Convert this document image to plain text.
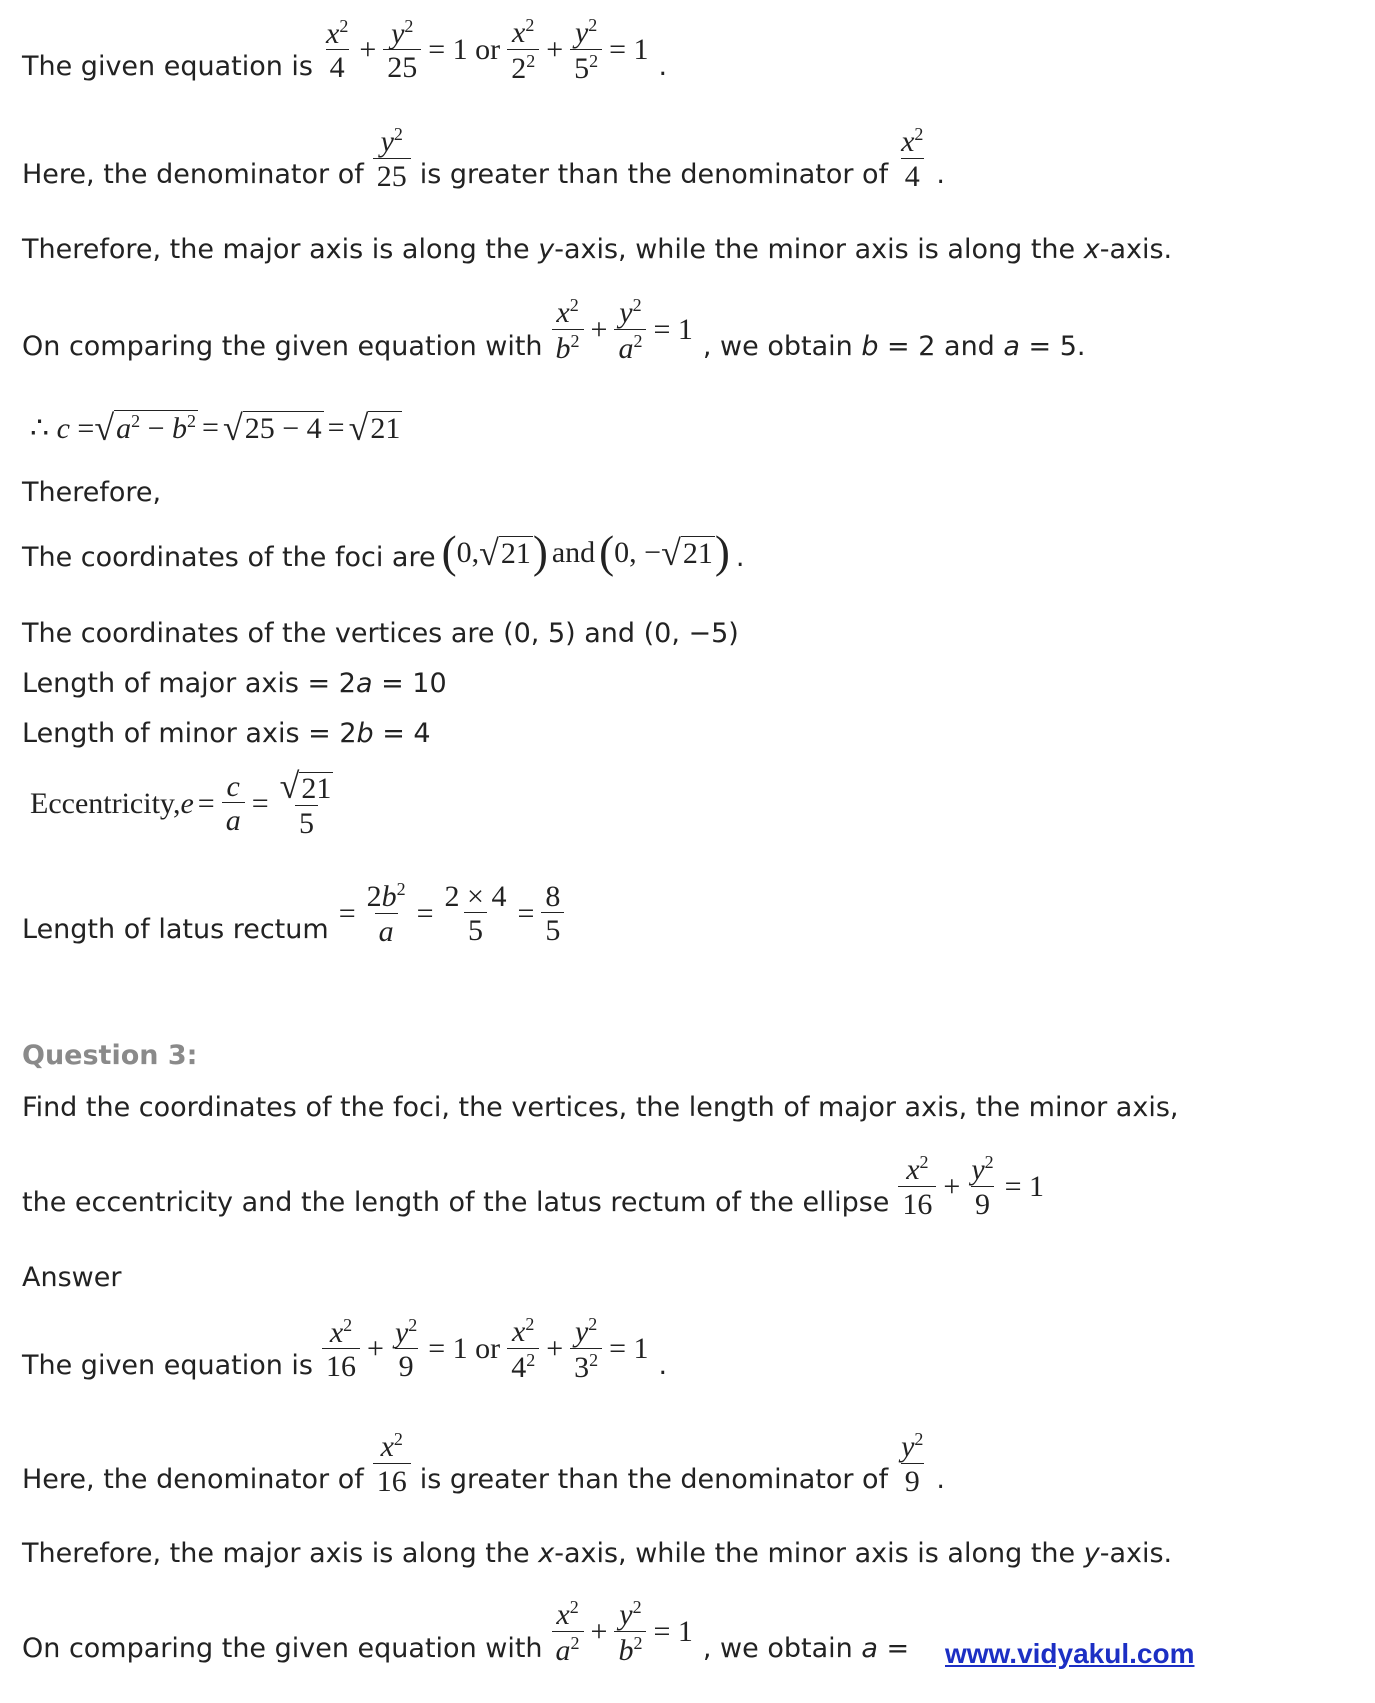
The given equation is $\frac{x^2}{4} + \frac{y^2}{25} = 1$ or $\frac{x^2}{2^2} + \frac{y^2}{5^2} = 1$
.
Here, the denominator of $\frac{y^2}{25}$ is greater than the denominator of $\frac{x^2}{4}$ .
Therefore, the major axis is along the y-axis, while the minor axis is along the x-axis.
On comparing the given equation with $\frac{x^2}{b^2} + \frac{y^2}{a^2} = 1$
, we obtain b = 2 and a = 5.
∴ c = √ $a^2 - b^2$ = √ 25 − 4 = √ 21
Therefore,
The coordinates of the foci are ( 0, √ 21 ) and ( 0, − √ 21 ) .
The coordinates of the vertices are (0, 5) and (0, −5)
Length of major axis = 2a = 10
Length of minor axis = 2b = 4
Eccentricity, $e = \frac{c}{a} = \frac{√ 21}{5}$
Length of latus rectum = $\frac{2b^2}{a} = \frac{2 \times 4}{5} = \frac{8}{5}$
Question 3:
Find the coordinates of the foci, the vertices, the length of major axis, the minor axis,
the eccentricity and the length of the latus rectum of the ellipse $\frac{x^2}{16} + \frac{y^2}{9} = 1$
Answer
The given equation is $\frac{x^2}{16} + \frac{y^2}{9} = 1$ or $\frac{x^2}{4^2} + \frac{y^2}{3^2} = 1$
.
Here, the denominator of $\frac{x^2}{16}$ is greater than the denominator of $\frac{y^2}{9}$ .
Therefore, the major axis is along the x-axis, while the minor axis is along the y-axis.
On comparing the given equation with $\frac{x^2}{a^2} + \frac{y^2}{b^2} = 1$
, we obtain a = www.vidyakul.com
